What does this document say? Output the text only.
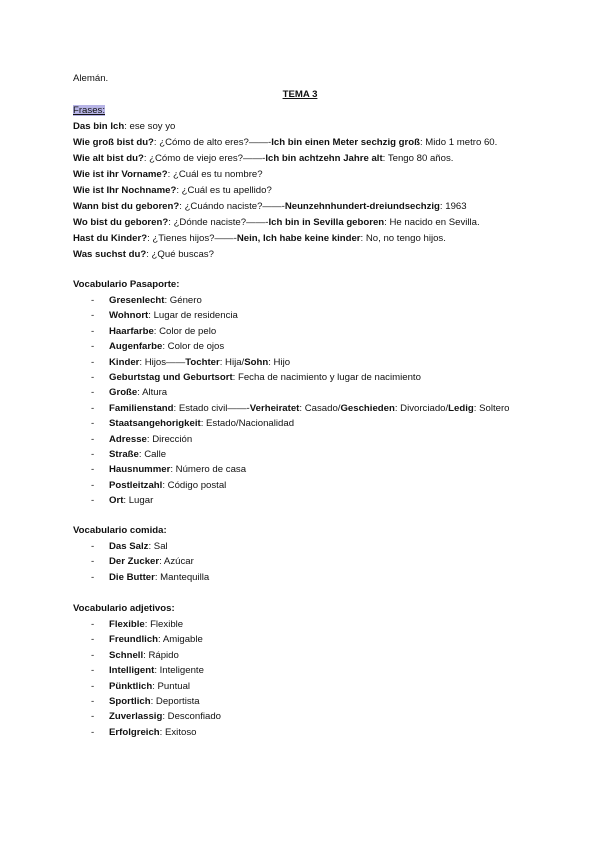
Alemán.
TEMA 3
Frases:
Das bin Ich: ese soy yo
Wie groß bist du?: ¿Cómo de alto eres?——-Ich bin einen Meter sechzig groß: Mido 1 metro 60.
Wie alt bist du?: ¿Cómo de viejo eres?——-Ich bin achtzehn Jahre alt: Tengo 80 años.
Wie ist ihr Vorname?: ¿Cuál es tu nombre?
Wie ist Ihr Nochname?: ¿Cuál es tu apellido?
Wann bist du geboren?: ¿Cuándo naciste?——-Neunzehnhundert-dreiundsechzig: 1963
Wo bist du geboren?: ¿Dónde naciste?——-Ich bin in Sevilla geboren: He nacido en Sevilla.
Hast du Kinder?: ¿Tienes hijos?——-Nein, Ich habe keine kinder: No, no tengo hijos.
Was suchst du?: ¿Qué buscas?
Vocabulario Pasaporte:
- Gresenlecht: Género
- Wohnort: Lugar de residencia
- Haarfarbe: Color de pelo
- Augenfarbe: Color de ojos
- Kinder: Hijos——Tochter: Hija/Sohn: Hijo
- Geburtstag und Geburtsort: Fecha de nacimiento y lugar de nacimiento
- Große: Altura
- Familienstand: Estado civil——-Verheiratet: Casado/Geschieden: Divorciado/Ledig: Soltero
- Staatsangehorigkeit: Estado/Nacionalidad
- Adresse: Dirección
- Straße: Calle
- Hausnummer: Número de casa
- Postleitzahl: Código postal
- Ort: Lugar
Vocabulario comida:
- Das Salz: Sal
- Der Zucker: Azúcar
- Die Butter: Mantequilla
Vocabulario adjetivos:
- Flexible: Flexible
- Freundlich: Amigable
- Schnell: Rápido
- Intelligent: Inteligente
- Pünktlich: Puntual
- Sportlich: Deportista
- Zuverlassig: Desconfiado
- Erfolgreich: Exitoso
